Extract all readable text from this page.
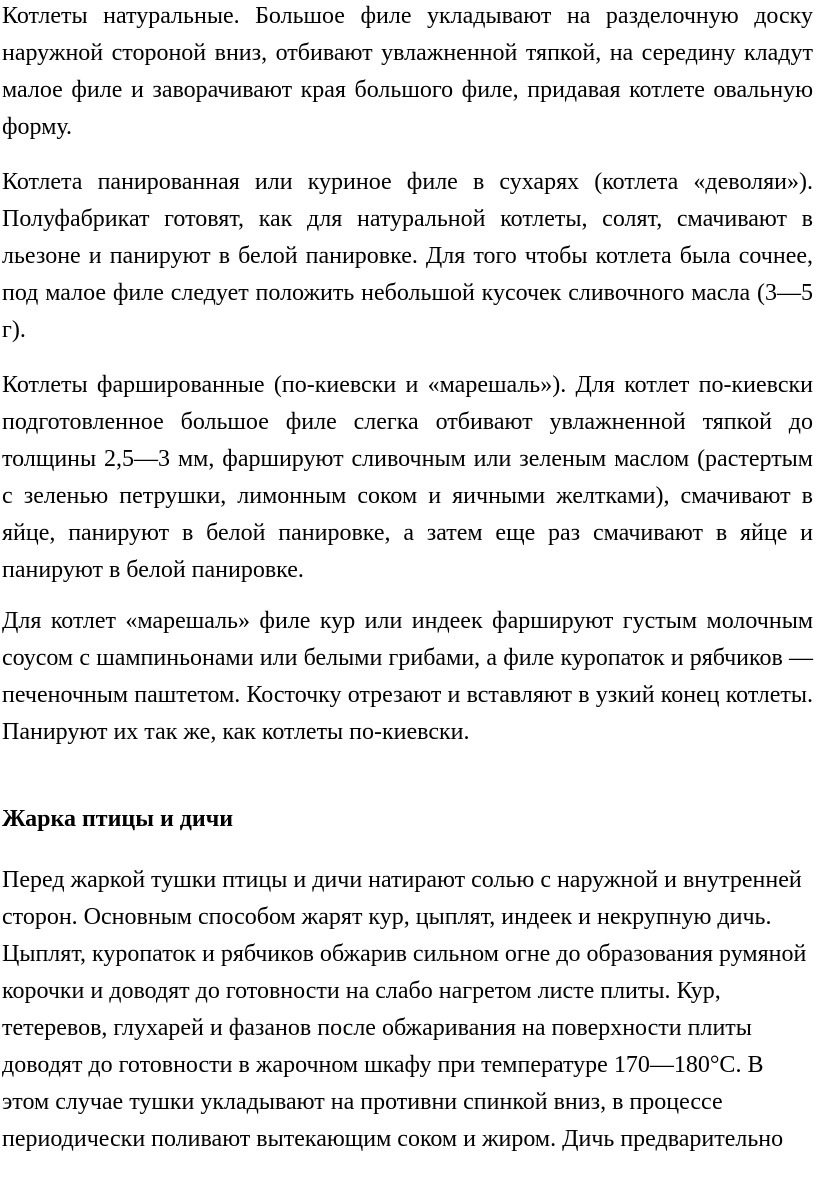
Котлеты натуральные. Большое филе укладывают на разделочную доску наружной стороной вниз, отбивают увлажненной тяпкой, на середину кладут малое филе и заворачивают края большого филе, придавая котлете овальную форму.

Котлета панированная или куриное филе в сухарях (котлета «деволяи»). Полуфабрикат готовят, как для натуральной котлеты, солят, смачивают в льезоне и панируют в белой панировке. Для того чтобы котлета была сочнее, под малое филе следует положить небольшой кусочек сливочного масла (3—5 г).

Котлеты фаршированные (по-киевски и «марешаль»). Для котлет по-киевски подготовленное большое филе слегка отбивают увлажненной тяпкой до толщины 2,5—3 мм, фаршируют сливочным или зеленым маслом (растертым с зеленью петрушки, лимонным соком и яичными желтками), смачивают в яйце, панируют в белой панировке, а затем еще раз смачивают в яйце и панируют в белой панировке.

Для котлет «марешаль» филе кур или индеек фаршируют густым молочным соусом с шампиньонами или белыми грибами, а филе куропаток и рябчиков — печеночным паштетом. Косточку отрезают и вставляют в узкий конец котлеты. Панируют их так же, как котлеты по-киевски.

Жарка птицы и дичи

Перед жаркой тушки птицы и дичи натирают солью с наружной и внутренней сторон. Основным способом жарят кур, цыплят, индеек и некрупную дичь. Цыплят, куропаток и рябчиков обжарив сильном огне до образования румяной корочки и доводят до готовности на слабо нагретом листе плиты. Кур, тетеревов, глухарей и фазанов после обжаривания на поверхности плиты доводят до готовности в жарочном шкафу при температуре 170—180°С. В этом случае тушки укладывают на противни спинкой вниз, в процессе периодически поливают вытекающим соком и жиром. Дичь предварительно
